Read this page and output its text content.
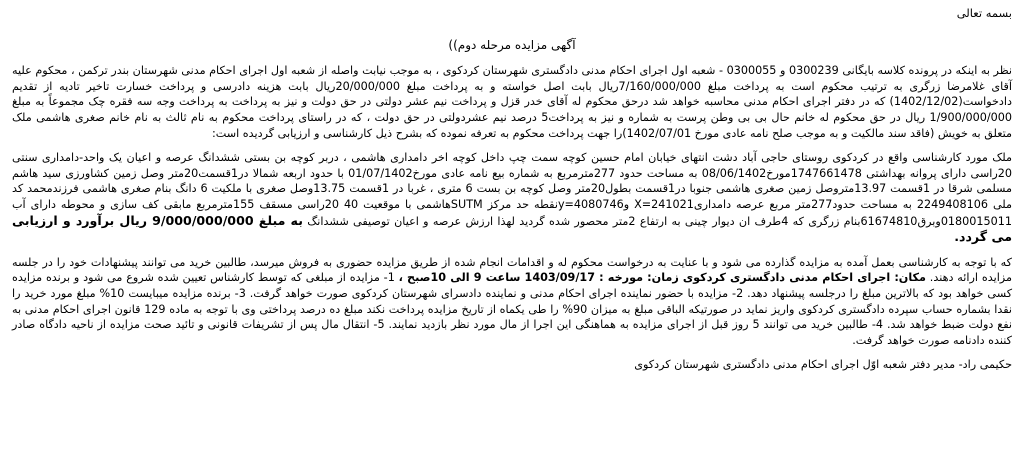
بسمه تعالی
آگهی مزایده مرحله دوم))

نظر به اینکه در پرونده کلاسه بایگانی 0300239 و 0300055 - شعبه اول اجرای احکام مدنی دادگستری شهرستان کردکوی ، به موجب نیابت واصله از شعبه اول اجرای احکام مدنی شهرستان بندر ترکمن ، محکوم علیه آقای غلامرضا زرگری به ترتیب محکوم است به پرداخت مبلغ 7/160/000/000ریال بابت اصل خواسته و به پرداخت مبلغ 20/000/000ریال بابت هزینه دادرسی و پرداخت خسارت تاخیر تادیه از تقدیم دادخواست(1402/12/02) که در دفتر اجرای احکام مدنی محاسبه خواهد شد درحق محکوم له آقای خدر قزل و پرداخت نیم عشر دولتی در حق دولت و نیز به پرداخت به پرداخت وجه سه فقره چک مجموعاً به مبلغ 1/900/000/000 ریال در حق محکوم له خانم حال بی بی وطن پرست به شماره و نیز به پرداخت5 درصد نیم عشردولتی در حق دولت ، که در راستای پرداخت محکوم به نام ثالث به نام خانم صغری هاشمی ملک متعلق به خویش (فاقد سند مالکیت و به موجب صلح نامه عادی مورخ 1402/07/01)را جهت پرداخت محکوم به تعرفه نموده که بشرح ذیل کارشناسی و ارزیابی گردیده است:

ملک مورد کارشناسی واقع در کردکوی روستای حاجی آباد دشت انتهای خیابان امام حسین کوچه سمت چپ داخل کوچه اخر دامداری هاشمی ، دربر کوچه بن بستی ششدانگ عرصه و اعیان یک واحد-دامداری سنتی 20راسی دارای پروانه بهداشتی 1747661478مورخ08/06/1402 به مساحت حدود 277مترمربع به شماره بیع نامه عادی مورخ01/07/1402 با حدود اربعه شمالا در1قسمت20متر وصل زمین کشاورزی سید هاشم مسلمی شرقا در 1قسمت 13.97متروصل زمین صغری هاشمی جنوبا در1قسمت بطول20متر وصل کوچه بن بست 6 متری ، غربا در 1قسمت 13.75وصل صغری با ملکیت 6 دانگ بنام صغری هاشمی فرزندمحمد کد ملی 2249408106 به مساحت حدود277متر مربع عرصه دامداریX=241021 وy=4080746نقطه حد مرکز SUTMهاشمی با موقعیت 40 20راسی مسقف 155مترمربع مابقی کف سازی و محوطه دارای آب 0180015011وبرق61674810بنام زرگری که 4طرف ان دیوار چینی به ارتفاع 2متر محصور شده گردید لهذا ارزش عرصه و اعیان توصیفی ششدانگ به مبلغ 9/000/000/000 ریال برآورد و ارزیابی می گردد.

که با توجه به کارشناسی بعمل آمده به مزایده گذارده می شود و با عنایت به درخواست محکوم له و اقدامات انجام شده از طریق مزایده حضوری به فروش میرسد، طالبین خرید می توانند پیشنهادات خود را در جلسه مزایده ارائه دهند. مکان: اجرای احکام مدنی دادگستری کردکوی زمان: مورخه : 1403/09/17 ساعت 9 الی 10صبح ، 1- مزایده از مبلغی که توسط کارشناس تعیین شده شروع می شود و برنده مزایده کسی خواهد بود که بالاترین مبلغ را درجلسه پیشنهاد دهد. 2- مزایده با حضور نماینده اجرای احکام مدنی و نماینده دادسرای شهرستان کردکوی صورت خواهد گرفت. 3- برنده مزایده میبایست 10% مبلغ مورد خرید را نقدا بشماره حساب سپرده دادگستری کردکوی واریز نماید در صورتیکه الباقی مبلغ به میزان 90% را طی یکماه از تاریخ مزایده پرداخت نکند مبلغ ده درصد پرداختی وی با توجه به ماده 129 قانون اجرای احکام مدنی به نفع دولت ضبط خواهد شد. 4- طالبین خرید می توانند 5 روز قبل از اجرای مزایده به هماهنگی این اجرا از مال مورد نظر بازدید نمایند. 5- انتقال مال پس از تشریفات قانونی و تائید صحت مزایده از ناحیه دادگاه صادر کننده دادنامه صورت خواهد گرفت.

حکیمی راد- مدیر دفتر شعبه اوّل اجرای احکام مدنی دادگستری شهرستان کردکوی
